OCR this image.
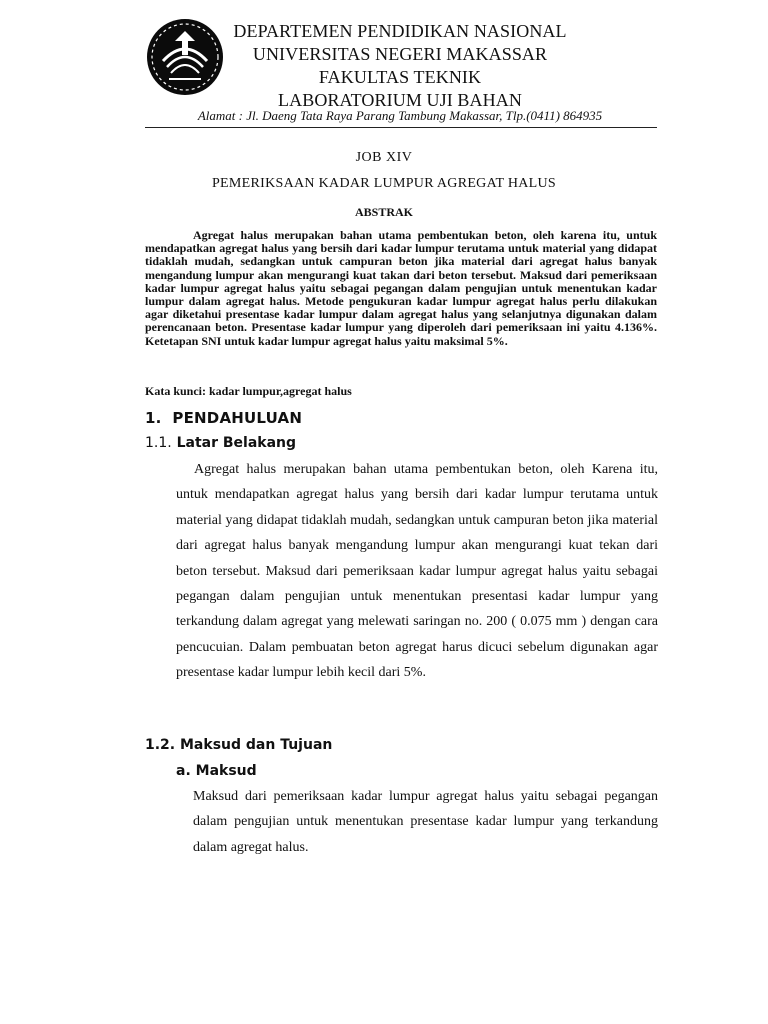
DEPARTEMEN PENDIDIKAN NASIONAL
UNIVERSITAS NEGERI MAKASSAR
FAKULTAS TEKNIK
LABORATORIUM UJI BAHAN
Alamat : Jl. Daeng Tata Raya Parang Tambung Makassar, Tlp.(0411) 864935
JOB XIV
PEMERIKSAAN KADAR LUMPUR AGREGAT HALUS
ABSTRAK
Agregat halus merupakan bahan utama pembentukan beton, oleh karena itu, untuk mendapatkan agregat halus yang bersih dari kadar lumpur terutama untuk material yang didapat tidaklah mudah, sedangkan untuk campuran beton jika material dari agregat halus banyak mengandung lumpur akan mengurangi kuat takan dari beton tersebut. Maksud dari pemeriksaan kadar lumpur agregat halus yaitu sebagai pegangan dalam pengujian untuk menentukan kadar lumpur dalam agregat halus. Metode pengukuran kadar lumpur agregat halus perlu dilakukan agar diketahui presentase kadar lumpur dalam agregat halus yang selanjutnya digunakan dalam perencanaan beton. Presentase kadar lumpur yang diperoleh dari pemeriksaan ini yaitu 4.136%. Ketetapan SNI untuk kadar lumpur agregat halus yaitu maksimal 5%.
Kata kunci: kadar lumpur,agregat halus
1. PENDAHULUAN
1.1. Latar Belakang
Agregat halus merupakan bahan utama pembentukan beton, oleh Karena itu, untuk mendapatkan agregat halus yang bersih dari kadar lumpur terutama untuk material yang didapat tidaklah mudah, sedangkan untuk campuran beton jika material dari agregat halus banyak mengandung lumpur akan mengurangi kuat tekan dari beton tersebut. Maksud dari pemeriksaan kadar lumpur agregat halus yaitu sebagai pegangan dalam pengujian untuk menentukan presentasi kadar lumpur yang terkandung dalam agregat yang melewati saringan no. 200 ( 0.075 mm ) dengan cara pencucuian. Dalam pembuatan beton agregat harus dicuci sebelum digunakan agar presentase kadar lumpur lebih kecil dari 5%.
1.2. Maksud dan Tujuan
a. Maksud
Maksud dari pemeriksaan kadar lumpur agregat halus yaitu sebagai pegangan dalam pengujian untuk menentukan presentase kadar lumpur yang terkandung dalam agregat halus.
